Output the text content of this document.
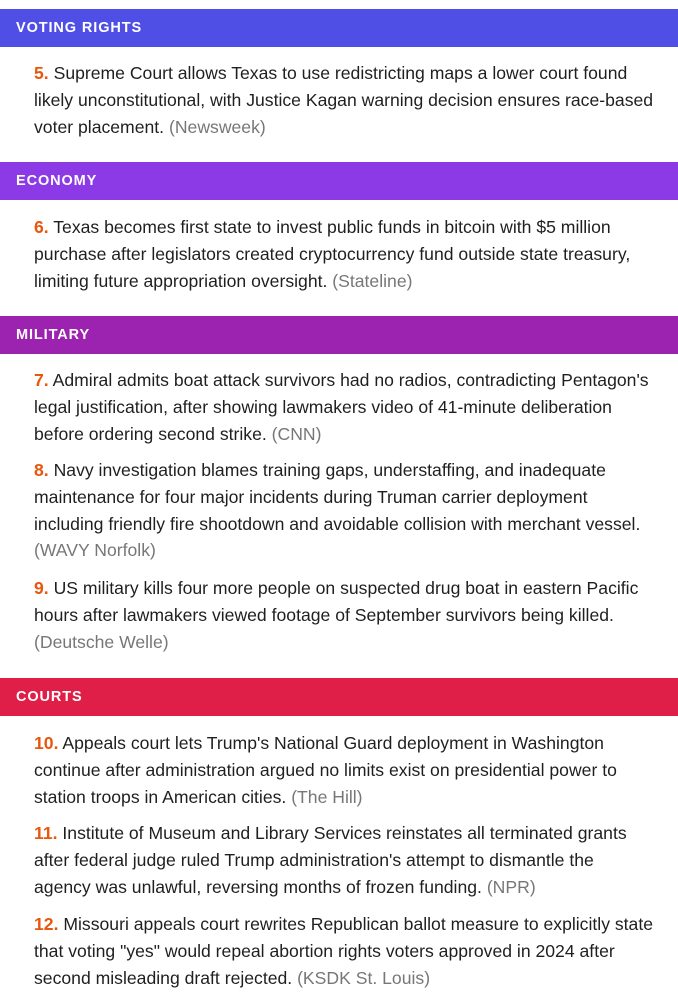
VOTING RIGHTS

5. Supreme Court allows Texas to use redistricting maps a lower court found likely unconstitutional, with Justice Kagan warning decision ensures race-based voter placement. (Newsweek)

ECONOMY

6. Texas becomes first state to invest public funds in bitcoin with $5 million purchase after legislators created cryptocurrency fund outside state treasury, limiting future appropriation oversight. (Stateline)

MILITARY

7. Admiral admits boat attack survivors had no radios, contradicting Pentagon's legal justification, after showing lawmakers video of 41-minute deliberation before ordering second strike. (CNN)

8. Navy investigation blames training gaps, understaffing, and inadequate maintenance for four major incidents during Truman carrier deployment including friendly fire shootdown and avoidable collision with merchant vessel. (WAVY Norfolk)

9. US military kills four more people on suspected drug boat in eastern Pacific hours after lawmakers viewed footage of September survivors being killed. (Deutsche Welle)

COURTS

10. Appeals court lets Trump's National Guard deployment in Washington continue after administration argued no limits exist on presidential power to station troops in American cities. (The Hill)

11. Institute of Museum and Library Services reinstates all terminated grants after federal judge ruled Trump administration's attempt to dismantle the agency was unlawful, reversing months of frozen funding. (NPR)

12. Missouri appeals court rewrites Republican ballot measure to explicitly state that voting "yes" would repeal abortion rights voters approved in 2024 after second misleading draft rejected. (KSDK St. Louis)
